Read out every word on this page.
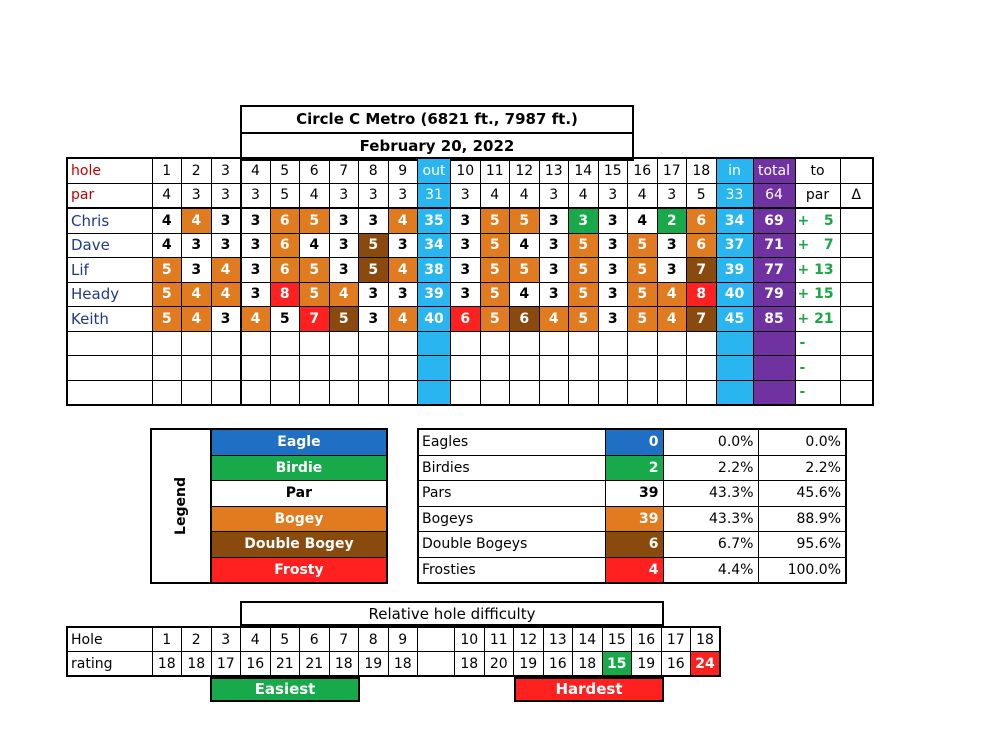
Circle C Metro (6821 ft., 7987 ft.)
February 20, 2022
hole	1	2	3	4	5	6	7	8	9	out	10	11	12	13	14	15	16	17	18	in	total	to	
par	4	3	3	3	5	4	3	3	3	31	3	4	4	3	4	3	4	3	5	33	64	par	Δ
Chris	4	4	3	3	6	5	3	3	4	35	3	5	5	3	3	3	4	2	6	34	69	+   5	
Dave	4	3	3	3	6	4	3	5	3	34	3	5	4	3	5	3	5	3	6	37	71	+   7	
Lif	5	3	4	3	6	5	3	5	4	38	3	5	5	3	5	3	5	3	7	39	77	+ 13	
Heady	5	4	4	3	8	5	4	3	3	39	3	5	4	3	5	3	5	4	8	40	79	+ 15	
Keith	5	4	3	4	5	7	5	3	4	40	6	5	6	4	5	3	5	4	7	45	85	+ 21	
																						-	
																						-	
																						-	
Legend	Eagle
Birdie
Par
Bogey
Double Bogey
Frosty
Eagles	0	0.0%	0.0%
Birdies	2	2.2%	2.2%
Pars	39	43.3%	45.6%
Bogeys	39	43.3%	88.9%
Double Bogeys	6	6.7%	95.6%
Frosties	4	4.4%	100.0%
Relative hole difficulty
Hole	1	2	3	4	5	6	7	8	9		10	11	12	13	14	15	16	17	18
rating	18	18	17	16	21	21	18	19	18		18	20	19	16	18	15	19	16	24
Easiest	Hardest
